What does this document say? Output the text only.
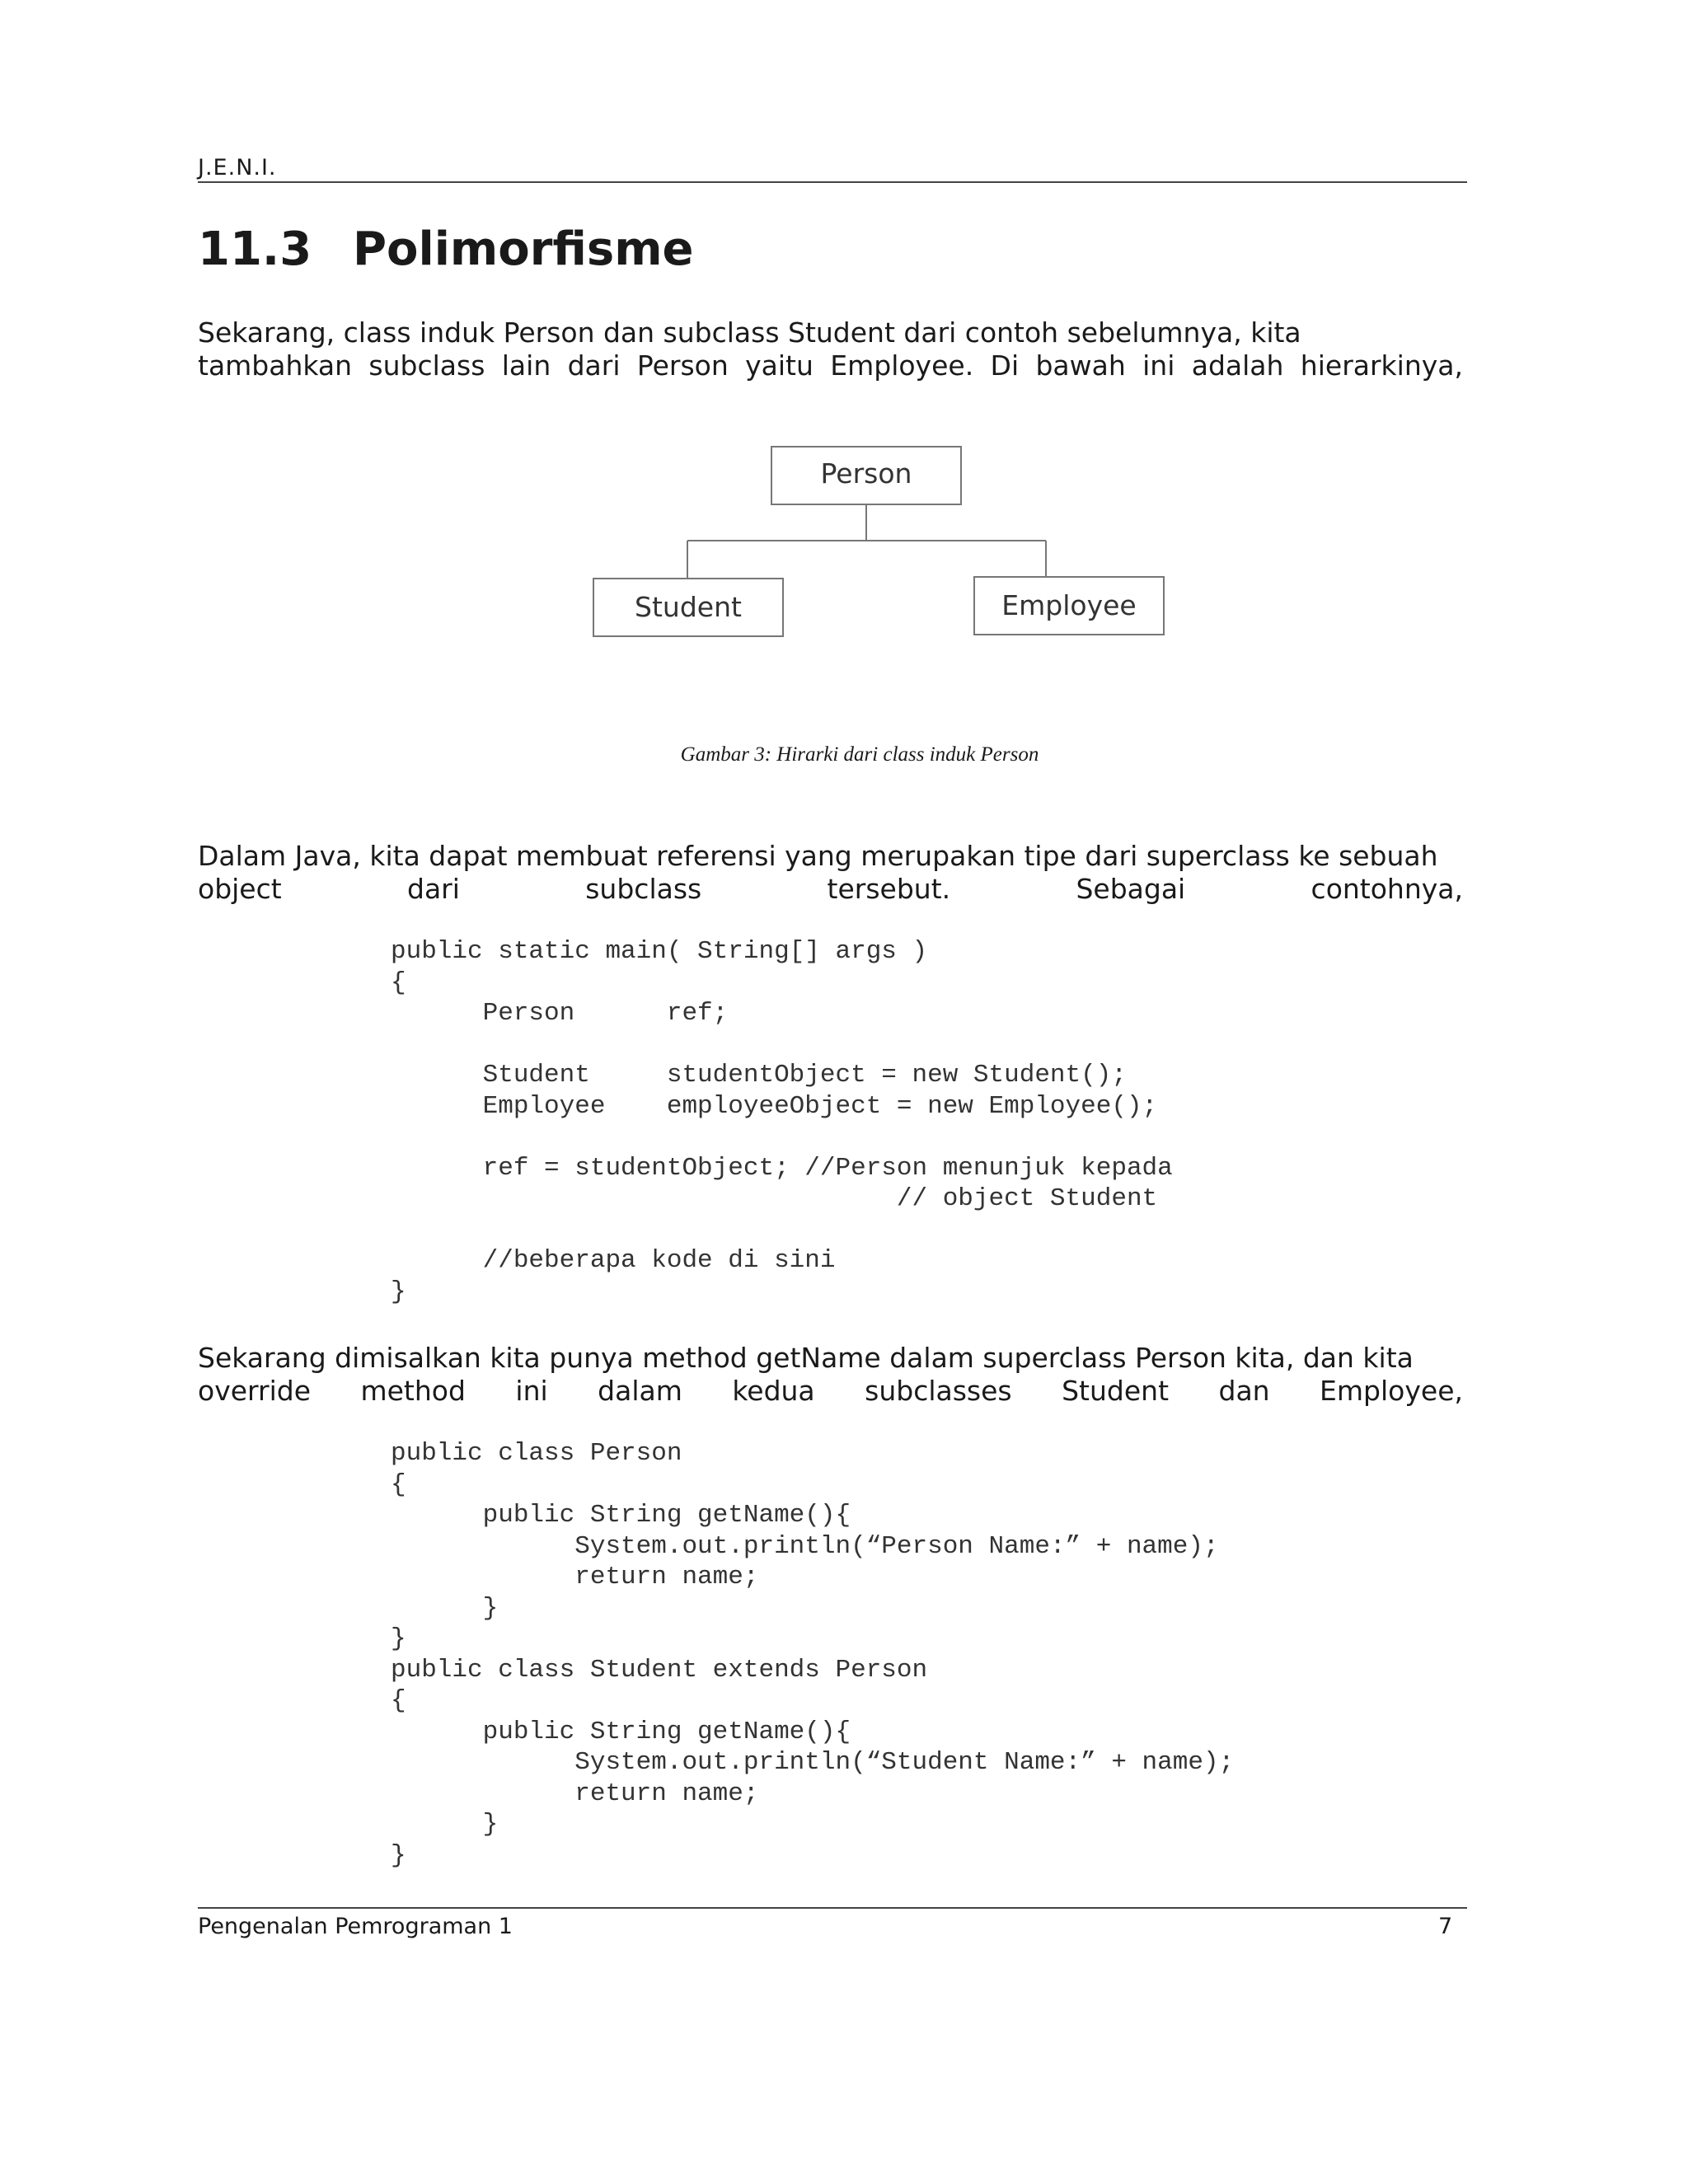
J.E.N.I.
11.3 Polimorfisme

Sekarang, class induk Person dan subclass Student dari contoh sebelumnya, kita
tambahkan subclass lain dari Person yaitu Employee. Di bawah ini adalah hierarkinya,

Person
Student	Employee
Gambar 3: Hirarki dari class induk Person

Dalam Java, kita dapat membuat referensi yang merupakan tipe dari superclass ke sebuah
object dari subclass tersebut. Sebagai contohnya,

public static main( String[] args )
{
Person      ref;
Student     studentObject = new Student();
Employee    employeeObject = new Employee();
ref = studentObject; //Person menunjuk kepada
// object Student
//beberapa kode di sini
}

Sekarang dimisalkan kita punya method getName dalam superclass Person kita, dan kita
override method ini dalam kedua subclasses Student dan Employee,

public class Person
{
public String getName(){
System.out.println(“Person Name:” + name);
return name;
}
}
public class Student extends Person
{
public String getName(){
System.out.println(“Student Name:” + name);
return name;
}
}
Pengenalan Pemrograman 1	7
